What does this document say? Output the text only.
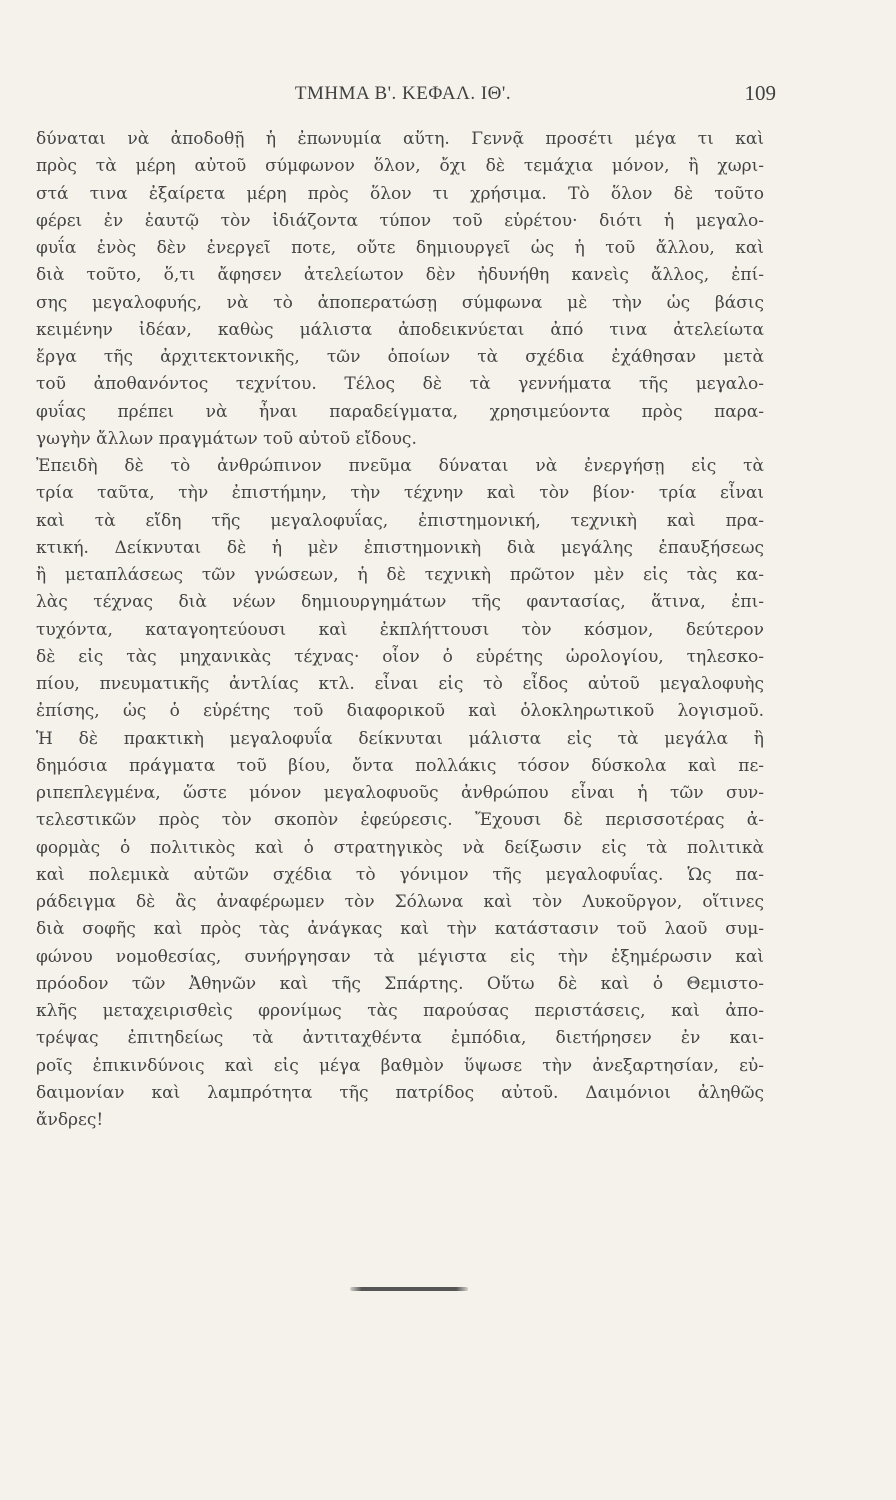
ΤΜΗΜΑ Β'. ΚΕΦΑΛ. ΙΘ'.	109
δύναται νὰ ἀποδοθῇ ἡ ἐπωνυμία αὕτη. Γεννᾷ προσέτι μέγα τι καὶ
πρὸς τὰ μέρη αὐτοῦ σύμφωνον ὅλον, ὄχι δὲ τεμάχια μόνον, ἢ χωρι-
στά τινα ἐξαίρετα μέρη πρὸς ὅλον τι χρήσιμα. Τὸ ὅλον δὲ τοῦτο
φέρει ἐν ἑαυτῷ τὸν ἰδιάζοντα τύπον τοῦ εὑρέτου· διότι ἡ μεγαλο-
φυΐα ἑνὸς δὲν ἐνεργεῖ ποτε, οὔτε δημιουργεῖ ὡς ἡ τοῦ ἄλλου, καὶ
διὰ τοῦτο, ὅ,τι ἄφησεν ἀτελείωτον δὲν ἠδυνήθη κανεὶς ἄλλος, ἐπί-
σης μεγαλοφυής, νὰ τὸ ἀποπερατώσῃ σύμφωνα μὲ τὴν ὡς βάσις
κειμένην ἰδέαν, καθὼς μάλιστα ἀποδεικνύεται ἀπό τινα ἀτελείωτα
ἔργα τῆς ἀρχιτεκτονικῆς, τῶν ὁποίων τὰ σχέδια ἐχάθησαν μετὰ
τοῦ ἀποθανόντος τεχνίτου. Τέλος δὲ τὰ γεννήματα τῆς μεγαλο-
φυΐας πρέπει νὰ ἦναι παραδείγματα, χρησιμεύοντα πρὸς παρα-
γωγὴν ἄλλων πραγμάτων τοῦ αὐτοῦ εἴδους.
Ἐπειδὴ δὲ τὸ ἀνθρώπινον πνεῦμα δύναται νὰ ἐνεργήσῃ εἰς τὰ
τρία ταῦτα, τὴν ἐπιστήμην, τὴν τέχνην καὶ τὸν βίον· τρία εἶναι
καὶ τὰ εἴδη τῆς μεγαλοφυΐας, ἐπιστημονική, τεχνικὴ καὶ πρα-
κτική. Δείκνυται δὲ ἡ μὲν ἐπιστημονικὴ διὰ μεγάλης ἐπαυξήσεως
ἢ μεταπλάσεως τῶν γνώσεων, ἡ δὲ τεχνικὴ πρῶτον μὲν εἰς τὰς κα-
λὰς τέχνας διὰ νέων δημιουργημάτων τῆς φαντασίας, ἅτινα, ἐπι-
τυχόντα, καταγοητεύουσι καὶ ἐκπλήττουσι τὸν κόσμον, δεύτερον
δὲ εἰς τὰς μηχανικὰς τέχνας· οἷον ὁ εὑρέτης ὡρολογίου, τηλεσκο-
πίου, πνευματικῆς ἀντλίας κτλ. εἶναι εἰς τὸ εἶδος αὐτοῦ μεγαλοφυὴς
ἐπίσης, ὡς ὁ εὑρέτης τοῦ διαφορικοῦ καὶ ὁλοκληρωτικοῦ λογισμοῦ.
Ἡ δὲ πρακτικὴ μεγαλοφυΐα δείκνυται μάλιστα εἰς τὰ μεγάλα ἢ
δημόσια πράγματα τοῦ βίου, ὄντα πολλάκις τόσον δύσκολα καὶ πε-
ριπεπλεγμένα, ὥστε μόνον μεγαλοφυοῦς ἀνθρώπου εἶναι ἡ τῶν συν-
τελεστικῶν πρὸς τὸν σκοπὸν ἐφεύρεσις. Ἔχουσι δὲ περισσοτέρας ἀ-
φορμὰς ὁ πολιτικὸς καὶ ὁ στρατηγικὸς νὰ δείξωσιν εἰς τὰ πολιτικὰ
καὶ πολεμικὰ αὐτῶν σχέδια τὸ γόνιμον τῆς μεγαλοφυΐας. Ὡς πα-
ράδειγμα δὲ ἂς ἀναφέρωμεν τὸν Σόλωνα καὶ τὸν Λυκοῦργον, οἵτινες
διὰ σοφῆς καὶ πρὸς τὰς ἀνάγκας καὶ τὴν κατάστασιν τοῦ λαοῦ συμ-
φώνου νομοθεσίας, συνήργησαν τὰ μέγιστα εἰς τὴν ἐξημέρωσιν καὶ
πρόοδον τῶν Ἀθηνῶν καὶ τῆς Σπάρτης. Οὕτω δὲ καὶ ὁ Θεμιστο-
κλῆς μεταχειρισθεὶς φρονίμως τὰς παρούσας περιστάσεις, καὶ ἀπο-
τρέψας ἐπιτηδείως τὰ ἀντιταχθέντα ἐμπόδια, διετήρησεν ἐν και-
ροῖς ἐπικινδύνοις καὶ εἰς μέγα βαθμὸν ὕψωσε τὴν ἀνεξαρτησίαν, εὐ-
δαιμονίαν καὶ λαμπρότητα τῆς πατρίδος αὐτοῦ. Δαιμόνιοι ἀληθῶς
ἄνδρες!
